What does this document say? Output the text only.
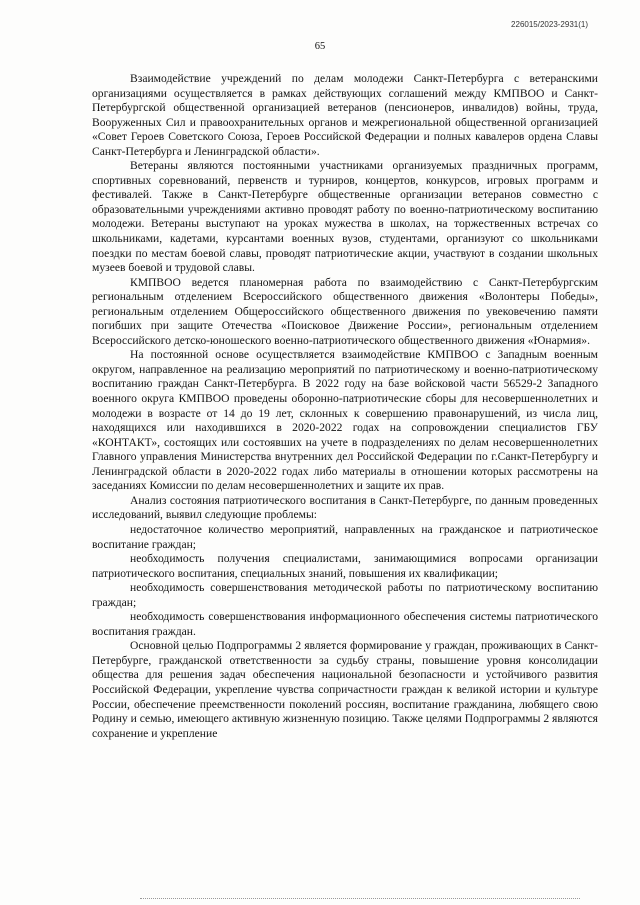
226015/2023-2931(1)
65

Взаимодействие учреждений по делам молодежи Санкт-Петербурга с ветеранскими организациями осуществляется в рамках действующих соглашений между КМПВОО и Санкт-Петербургской общественной организацией ветеранов (пенсионеров, инвалидов) войны, труда, Вооруженных Сил и правоохранительных органов и межрегиональной общественной организацией «Совет Героев Советского Союза, Героев Российской Федерации и полных кавалеров ордена Славы Санкт-Петербурга и Ленинградской области».

Ветераны являются постоянными участниками организуемых праздничных программ, спортивных соревнований, первенств и турниров, концертов, конкурсов, игровых программ и фестивалей. Также в Санкт-Петербурге общественные организации ветеранов совместно с образовательными учреждениями активно проводят работу по военно-патриотическому воспитанию молодежи. Ветераны выступают на уроках мужества в школах, на торжественных встречах со школьниками, кадетами, курсантами военных вузов, студентами, организуют со школьниками поездки по местам боевой славы, проводят патриотические акции, участвуют в создании школьных музеев боевой и трудовой славы.

КМПВОО ведется планомерная работа по взаимодействию с Санкт-Петербургским региональным отделением Всероссийского общественного движения «Волонтеры Победы», региональным отделением Общероссийского общественного движения по увековечению памяти погибших при защите Отечества «Поисковое Движение России», региональным отделением Всероссийского детско-юношеского военно-патриотического общественного движения «Юнармия».

На постоянной основе осуществляется взаимодействие КМПВОО с Западным военным округом, направленное на реализацию мероприятий по патриотическому и военно-патриотическому воспитанию граждан Санкт-Петербурга. В 2022 году на базе войсковой части 56529-2 Западного военного округа КМПВОО проведены оборонно-патриотические сборы для несовершеннолетних и молодежи в возрасте от 14 до 19 лет, склонных к совершению правонарушений, из числа лиц, находящихся или находившихся в 2020-2022 годах на сопровождении специалистов ГБУ «КОНТАКТ», состоящих или состоявших на учете в подразделениях по делам несовершеннолетних Главного управления Министерства внутренних дел Российской Федерации по г.Санкт-Петербургу и Ленинградской области в 2020-2022 годах либо материалы в отношении которых рассмотрены на заседаниях Комиссии по делам несовершеннолетних и защите их прав.

Анализ состояния патриотического воспитания в Санкт-Петербурге, по данным проведенных исследований, выявил следующие проблемы:

недостаточное количество мероприятий, направленных на гражданское и патриотическое воспитание граждан;

необходимость получения специалистами, занимающимися вопросами организации патриотического воспитания, специальных знаний, повышения их квалификации;

необходимость совершенствования методической работы по патриотическому воспитанию граждан;

необходимость совершенствования информационного обеспечения системы патриотического воспитания граждан.

Основной целью Подпрограммы 2 является формирование у граждан, проживающих в Санкт-Петербурге, гражданской ответственности за судьбу страны, повышение уровня консолидации общества для решения задач обеспечения национальной безопасности и устойчивого развития Российской Федерации, укрепление чувства сопричастности граждан к великой истории и культуре России, обеспечение преемственности поколений россиян, воспитание гражданина, любящего свою Родину и семью, имеющего активную жизненную позицию. Также целями Подпрограммы 2 являются сохранение и укрепление
